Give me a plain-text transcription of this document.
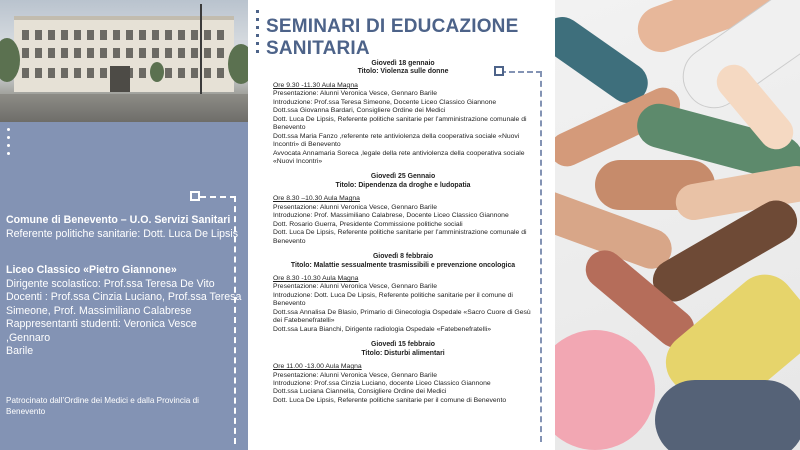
Comune di Benevento – U.O. Servizi Sanitari
Referente politiche sanitarie: Dott. Luca De Lipsis
Liceo Classico «Pietro Giannone»
Dirigente scolastico: Prof.ssa Teresa De Vito
Docenti : Prof.ssa Cinzia Luciano, Prof.ssa Teresa
Simeone, Prof. Massimiliano Calabrese
Rappresentanti studenti: Veronica Vesce ,Gennaro
Barile
Patrocinato dall’Ordine dei Medici e dalla Provincia di Benevento
SEMINARI DI EDUCAZIONE SANITARIA
Giovedì 18 gennaio
Titolo: Violenza sulle donne
Ore 9.30 -11.30 Aula Magna
Presentazione: Alunni Veronica Vesce, Gennaro Barile
Introduzione: Prof.ssa Teresa Simeone, Docente Liceo Classico Giannone
Dott.ssa Giovanna Bardari, Consigliere Ordine dei Medici
Dott. Luca De Lipsis, Referente politiche sanitarie per l’amministrazione comunale di Benevento
Dott.ssa Maria Fanzo ,referente rete antiviolenza della cooperativa sociale «Nuovi Incontri» di Benevento
Avvocata Annamaria Soreca ,legale della rete antiviolenza della cooperativa sociale «Nuovi Incontri»
Giovedì 25 Gennaio
Titolo: Dipendenza da droghe e ludopatia
Ore 8.30 –10.30 Aula Magna
Presentazione: Alunni Veronica Vesce, Gennaro Barile
Introduzione: Prof. Massimiliano Calabrese, Docente Liceo Classico Giannone
Dott. Rosario Guerra, Presidente Commissione politiche sociali
Dott. Luca De Lipsis, Referente politiche sanitarie per l’amministrazione comunale di Benevento
Giovedì 8 febbraio
Titolo: Malattie sessualmente trasmissibili e prevenzione oncologica
Ore 8.30 -10.30 Aula Magna
Presentazione: Alunni Veronica Vesce, Gennaro Barile
Introduzione: Dott. Luca De Lipsis, Referente politiche sanitarie per il comune di Benevento
Dott.ssa Annalisa De Blasio, Primario di Ginecologia Ospedale «Sacro Cuore di Gesù dei Fatebenefratelli»
Dott.ssa Laura Bianchi, Dirigente radiologia Ospedale «Fatebenefratelli»
Giovedì 15 febbraio
Titolo: Disturbi alimentari
Ore 11.00 -13.00 Aula Magna
Presentazione: Alunni Veronica Vesce, Gennaro Barile
Introduzione: Prof.ssa Cinzia Luciano, docente Liceo Classico Giannone
Dott.ssa Luciana Ciannella, Consigliere Ordine dei Medici
Dott. Luca De Lipsis, Referente politiche sanitarie per il comune di Benevento
